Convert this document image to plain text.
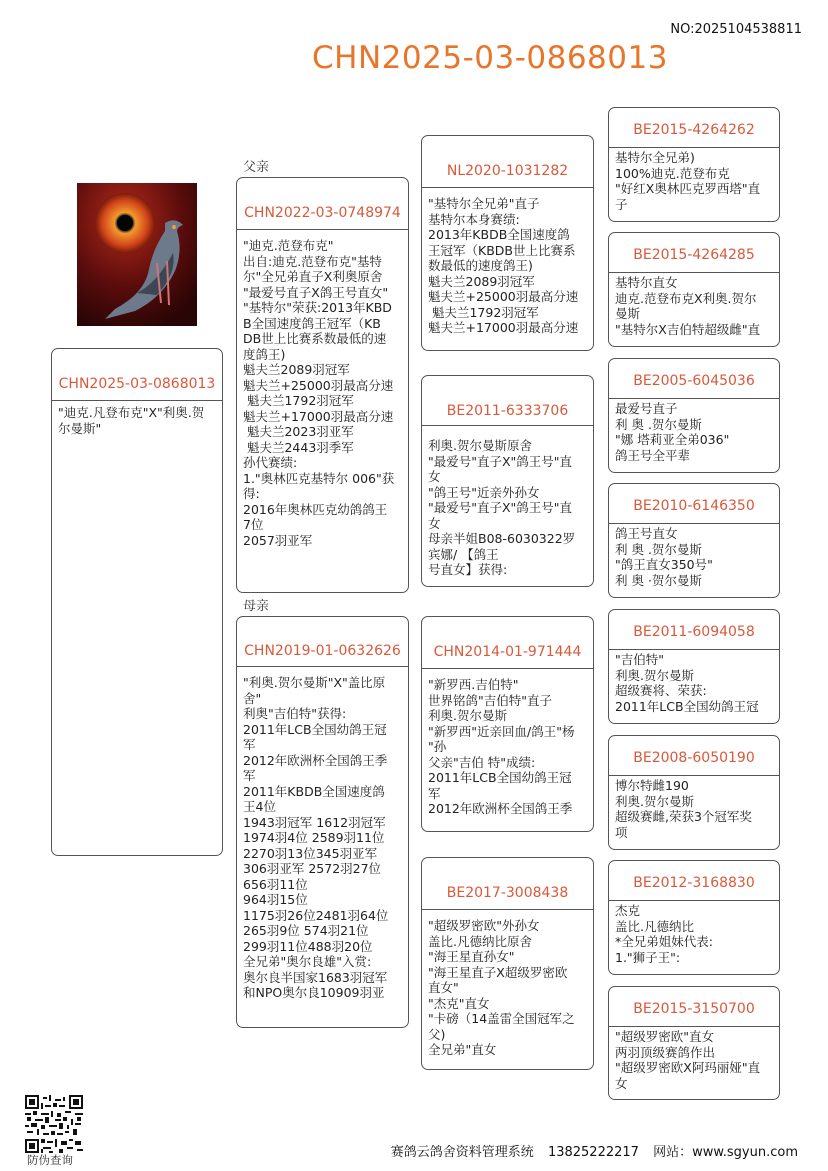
NO:2025104538811
CHN2025-03-0868013
CHN2025-03-0868013
"迪克.凡登布克"X"利奥.贺
尔曼斯"
父亲
CHN2022-03-0748974
"迪克.范登布克"
出自:迪克.范登布克"基特
尔"全兄弟直子X利奥原舍
"最爱号直子X鸽王号直女"
"基特尔"荣获:2013年KBD
B全国速度鸽王冠军（KB
DB世上比赛系数最低的速
度鸽王)
魁夫兰2089羽冠军
魁夫兰+25000羽最高分速
魁夫兰1792羽冠军
魁夫兰+17000羽最高分速
魁夫兰2023羽亚军
魁夫兰2443羽季军
孙代赛绩:
1."奥林匹克基特尔 006"获
得:
2016年奥林匹克幼鸽鸽王
7位
2057羽亚军
母亲
CHN2019-01-0632626
"利奥.贺尔曼斯"X"盖比原
舍"
利奥"吉伯特"获得:
2011年LCB全国幼鸽王冠
军
2012年欧洲杯全国鸽王季
军
2011年KBDB全国速度鸽
王4位
1943羽冠军 1612羽冠军
1974羽4位 2589羽11位
2270羽13位345羽亚军
306羽亚军 2572羽27位
656羽11位
964羽15位
1175羽26位2481羽64位
265羽9位 574羽21位
299羽11位488羽20位
全兄弟"奥尔良雄"入赏:
奥尔良半国家1683羽冠军
和NPO奥尔良10909羽亚
NL2020-1031282
"基特尔全兄弟"直子
基特尔本身赛绩:
2013年KBDB全国速度鸽
王冠军（KBDB世上比赛系
数最低的速度鸽王)
魁夫兰2089羽冠军
魁夫兰+25000羽最高分速
魁夫兰1792羽冠军
魁夫兰+17000羽最高分速
BE2011-6333706
利奥.贺尔曼斯原舍
"最爱号"直子X"鸽王号"直
女
"鸽王号"近亲外孙女
"最爱号"直子X"鸽王号"直
女
母亲半姐B08-6030322罗
宾娜/ 【鸽王
号直女】获得:
CHN2014-01-971444
"新罗西.吉伯特"
世界铭鸽"吉伯特"直子
利奥.贺尔曼斯
"新罗西"近亲回血/鸽王"杨
"孙
父亲"吉伯 特"成绩:
2011年LCB全国幼鸽王冠
军
2012年欧洲杯全国鸽王季
BE2017-3008438
"超级罗密欧"外孙女
盖比.凡德纳比原舍
"海王星直孙女"
"海王星直子X超级罗密欧
直女"
"杰克"直女
"卡磅（14盖雷全国冠军之
父)
全兄弟"直女
BE2015-4264262
基特尔全兄弟)
100%迪克.范登布克
"好红X奥林匹克罗西塔"直
子
BE2015-4264285
基特尔直女
迪克.范登布克X利奥.贺尔
曼斯
"基特尔X吉伯特超级雌"直
BE2005-6045036
最爱号直子
利 奥 .贺尔曼斯
"娜 塔莉亚全弟036"
鸽王号全平辈
BE2010-6146350
鸽王号直女
利 奥 .贺尔曼斯
"鸽王直女350号"
利 奥 ·贺尔曼斯
BE2011-6094058
"吉伯特"
利奥.贺尔曼斯
超级赛将、荣获:
2011年LCB全国幼鸽王冠
BE2008-6050190
博尔特雌190
利奥.贺尔曼斯
超级赛雌,荣获3个冠军奖
项
BE2012-3168830
杰克
盖比.凡德纳比
*全兄弟姐妹代表:
1."狮子王":
BE2015-3150700
"超级罗密欧"直女
两羽顶级赛鸽作出
"超级罗密欧X阿玛丽娅"直
女
防伪查询	赛鸽云鸽舍资料管理系统 13825222217 网站：www.sgyun.com
